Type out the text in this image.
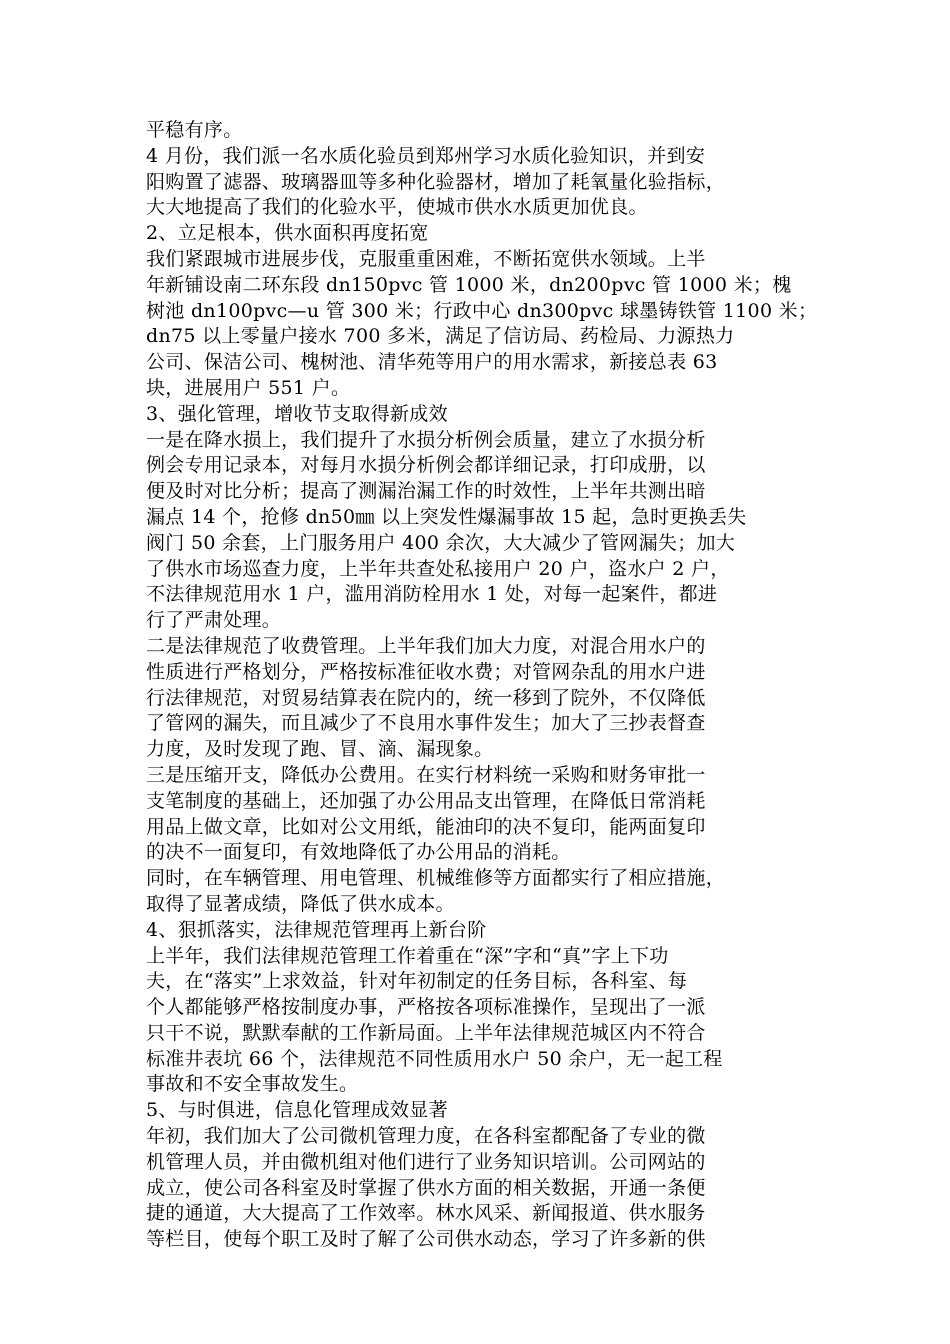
平稳有序。
4 月份，我们派一名水质化验员到郑州学习水质化验知识，并到安
阳购置了滤器、玻璃器皿等多种化验器材，增加了耗氧量化验指标，
大大地提高了我们的化验水平，使城市供水水质更加优良。
2、立足根本，供水面积再度拓宽
我们紧跟城市进展步伐，克服重重困难，不断拓宽供水领域。上半
年新铺设南二环东段 dn150pvc 管 1000 米，dn200pvc 管 1000 米；槐
树池 dn100pvc—u 管 300 米；行政中心 dn300pvc 球墨铸铁管 1100 米；
dn75 以上零量户接水 700 多米，满足了信访局、药检局、力源热力
公司、保洁公司、槐树池、清华苑等用户的用水需求，新接总表 63
块，进展用户 551 户。
3、强化管理，增收节支取得新成效
一是在降水损上，我们提升了水损分析例会质量，建立了水损分析
例会专用记录本，对每月水损分析例会都详细记录，打印成册，以
便及时对比分析；提高了测漏治漏工作的时效性，上半年共测出暗
漏点 14 个，抢修 dn50㎜ 以上突发性爆漏事故 15 起，急时更换丢失
阀门 50 余套，上门服务用户 400 余次，大大减少了管网漏失；加大
了供水市场巡查力度，上半年共查处私接用户 20 户，盗水户 2 户，
不法律规范用水 1 户，滥用消防栓用水 1 处，对每一起案件，都进
行了严肃处理。
二是法律规范了收费管理。上半年我们加大力度，对混合用水户的
性质进行严格划分，严格按标准征收水费；对管网杂乱的用水户进
行法律规范，对贸易结算表在院内的，统一移到了院外，不仅降低
了管网的漏失，而且减少了不良用水事件发生；加大了三抄表督查
力度，及时发现了跑、冒、滴、漏现象。
三是压缩开支，降低办公费用。在实行材料统一采购和财务审批一
支笔制度的基础上，还加强了办公用品支出管理，在降低日常消耗
用品上做文章，比如对公文用纸，能油印的决不复印，能两面复印
的决不一面复印，有效地降低了办公用品的消耗。
同时，在车辆管理、用电管理、机械维修等方面都实行了相应措施，
取得了显著成绩，降低了供水成本。
4、狠抓落实，法律规范管理再上新台阶
上半年，我们法律规范管理工作着重在“深”字和“真”字上下功
夫，在“落实”上求效益，针对年初制定的任务目标，各科室、每
个人都能够严格按制度办事，严格按各项标准操作，呈现出了一派
只干不说，默默奉献的工作新局面。上半年法律规范城区内不符合
标准井表坑 66 个，法律规范不同性质用水户 50 余户，无一起工程
事故和不安全事故发生。
5、与时俱进，信息化管理成效显著
年初，我们加大了公司微机管理力度，在各科室都配备了专业的微
机管理人员，并由微机组对他们进行了业务知识培训。公司网站的
成立，使公司各科室及时掌握了供水方面的相关数据，开通一条便
捷的通道，大大提高了工作效率。林水风采、新闻报道、供水服务
等栏目，使每个职工及时了解了公司供水动态，学习了许多新的供
